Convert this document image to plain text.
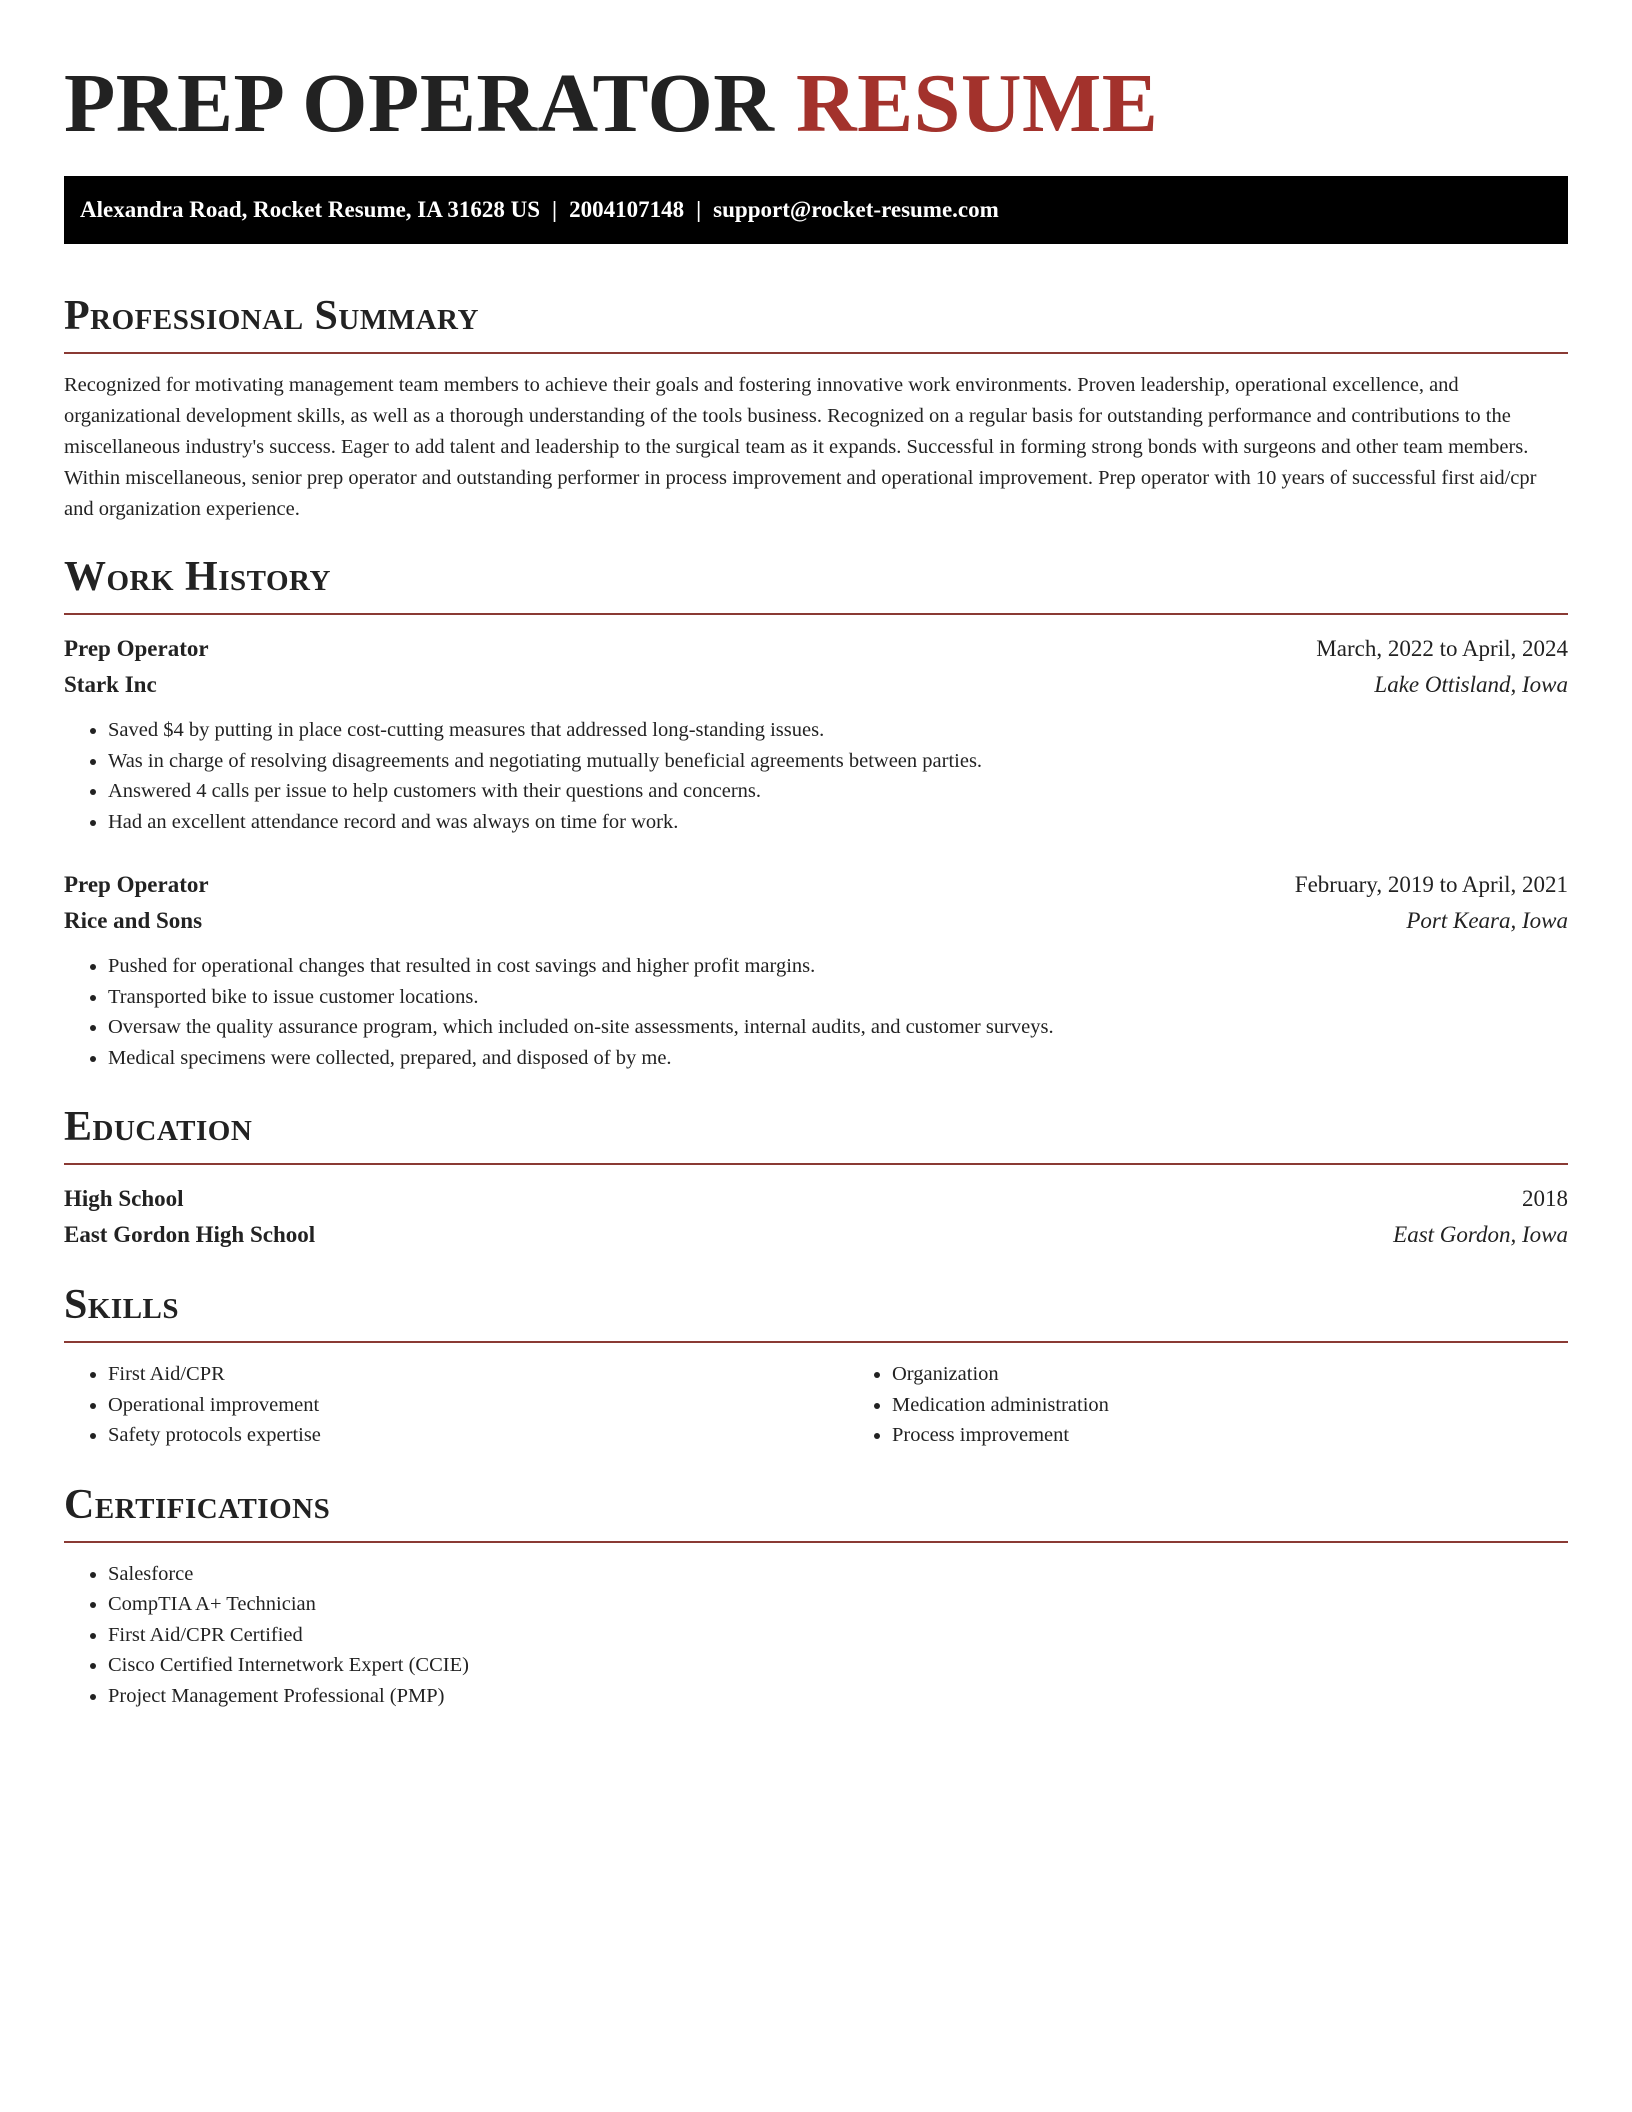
PREP OPERATOR RESUME
Alexandra Road, Rocket Resume, IA 31628 US | 2004107148 | support@rocket-resume.com
Professional Summary

Recognized for motivating management team members to achieve their goals and fostering innovative work environments. Proven leadership, operational excellence, and organizational development skills, as well as a thorough understanding of the tools business. Recognized on a regular basis for outstanding performance and contributions to the miscellaneous industry's success. Eager to add talent and leadership to the surgical team as it expands. Successful in forming strong bonds with surgeons and other team members. Within miscellaneous, senior prep operator and outstanding performer in process improvement and operational improvement. Prep operator with 10 years of successful first aid/cpr and organization experience.

Work History
Prep Operator	March, 2022 to April, 2024
Stark Inc	Lake Ottisland, Iowa
• Saved $4 by putting in place cost-cutting measures that addressed long-standing issues.
• Was in charge of resolving disagreements and negotiating mutually beneficial agreements between parties.
• Answered 4 calls per issue to help customers with their questions and concerns.
• Had an excellent attendance record and was always on time for work.
Prep Operator	February, 2019 to April, 2021
Rice and Sons	Port Keara, Iowa
• Pushed for operational changes that resulted in cost savings and higher profit margins.
• Transported bike to issue customer locations.
• Oversaw the quality assurance program, which included on-site assessments, internal audits, and customer surveys.
• Medical specimens were collected, prepared, and disposed of by me.
Education
High School	2018
East Gordon High School	East Gordon, Iowa
Skills
• First Aid/CPR
• Operational improvement
• Safety protocols expertise
• Organization
• Medication administration
• Process improvement
Certifications
• Salesforce
• CompTIA A+ Technician
• First Aid/CPR Certified
• Cisco Certified Internetwork Expert (CCIE)
• Project Management Professional (PMP)
